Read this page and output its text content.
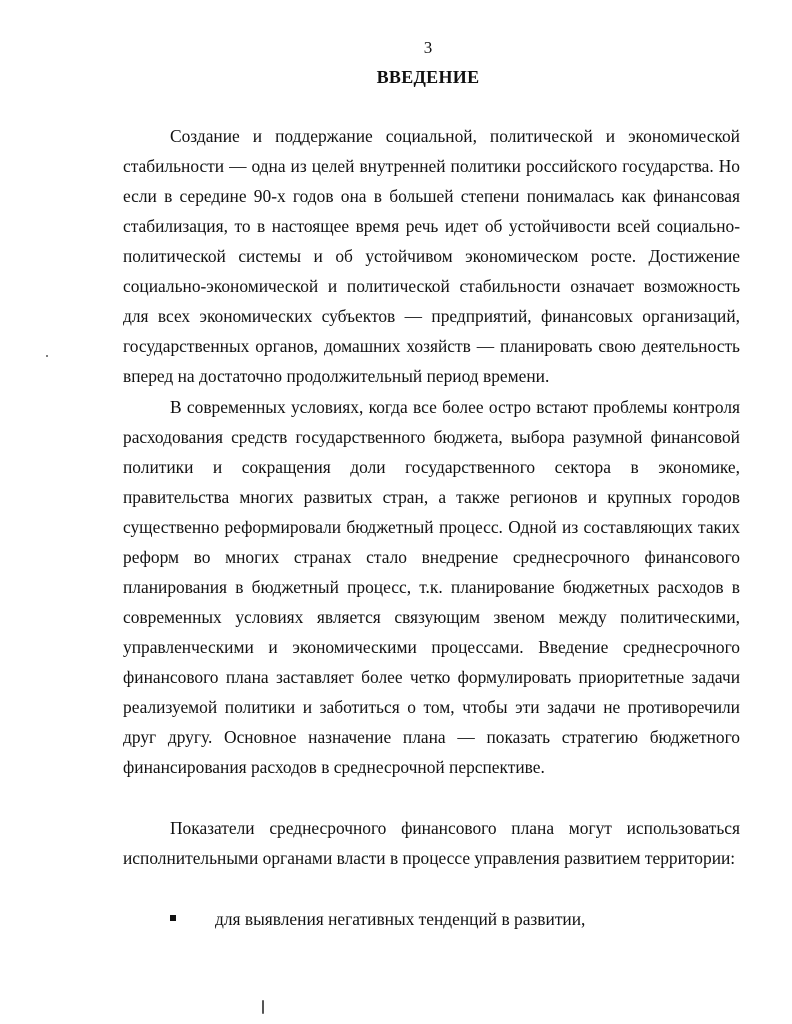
3
ВВЕДЕНИЕ

Создание и поддержание социальной, политической и экономической стабильности — одна из целей внутренней политики российского государства. Но если в середине 90-х годов она в большей степени понималась как финансовая стабилизация, то в настоящее время речь идет об устойчивости всей социально-политической системы и об устойчивом экономическом росте. Достижение социально-экономической и политической стабильности означает возможность для всех экономических субъектов — предприятий, финансовых организаций, государственных органов, домашних хозяйств — планировать свою деятельность вперед на достаточно продолжительный период времени.

В современных условиях, когда все более остро встают проблемы контроля расходования средств государственного бюджета, выбора разумной финансовой политики и сокращения доли государственного сектора в экономике, правительства многих развитых стран, а также регионов и крупных городов существенно реформировали бюджетный процесс. Одной из составляющих таких реформ во многих странах стало внедрение среднесрочного финансового планирования в бюджетный процесс, т.к. планирование бюджетных расходов в современных условиях является связующим звеном между политическими, управленческими и экономическими процессами. Введение среднесрочного финансового плана заставляет более четко формулировать приоритетные задачи реализуемой политики и заботиться о том, чтобы эти задачи не противоречили друг другу. Основное назначение плана — показать стратегию бюджетного финансирования расходов в среднесрочной перспективе.

Показатели среднесрочного финансового плана могут использоваться исполнительными органами власти в процессе управления развитием территории:

для выявления негативных тенденций в развитии,
